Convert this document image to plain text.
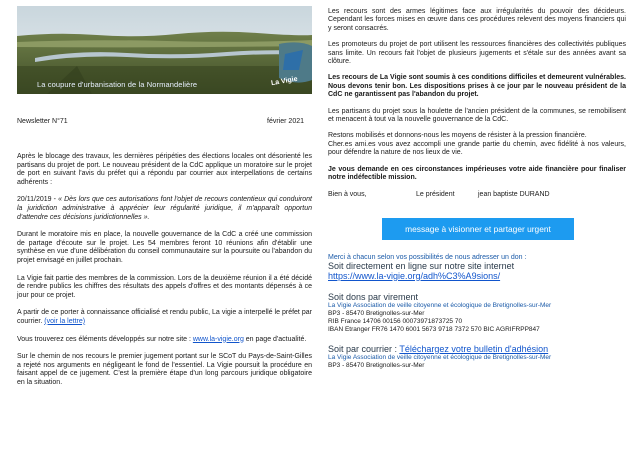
La coupure d'urbanisation de la Normandelière	La Vigie
Newsletter N°71	février 2021

Après le blocage des travaux, les dernières péripéties des élections locales ont désorienté les partisans du projet de port. Le nouveau président de la CdC applique un moratoire sur le projet de port en suivant l'avis du préfet qui a répondu par courrier aux interpellations de certains adhérents :

20/11/2019 - « Dès lors que ces autorisations font l'objet de recours contentieux qui conduiront la juridiction administrative à apprécier leur régularité juridique, il m'apparaît opportun d'attendre ces décisions juridictionnelles ».

Durant le moratoire mis en place, la nouvelle gouvernance de la CdC a créé une commission de partage d'écoute sur le projet. Les 54 membres feront 10 réunions afin d'établir une synthèse en vue d'une délibération du conseil communautaire sur la poursuite ou l'abandon du projet envisagé en juillet prochain.

La Vigie fait partie des membres de la commission. Lors de la deuxième réunion il a été décidé de rendre publics les chiffres des résultats des appels d'offres et des montants dépensés à ce jour pour ce projet.

A partir de ce porter à connaissance officialisé et rendu public, La vigie a interpellé le préfet par courrier. (voir la lettre)

Vous trouverez ces éléments développés sur notre site : www.la-vigie.org en page d'actualité.

Sur le chemin de nos recours le premier jugement portant sur le SCoT du Pays-de-Saint-Gilles a rejeté nos arguments en négligeant le fond de l'essentiel. La Vigie poursuit la procédure en faisant appel de ce jugement. C'est la première étape d'un long parcours juridique obligatoire en la situation.

Les recours sont des armes légitimes face aux irrégularités du pouvoir des décideurs. Cependant les forces mises en œuvre dans ces procédures relevent des moyens financiers qui y seront consacrés.

Les promoteurs du projet de port utilisent les ressources financières des collectivités publiques sans limite. Un recours fait l'objet de plusieurs jugements et s'étale sur des années avant sa clôture.

Les recours de La Vigie sont soumis à ces conditions difficiles et demeurent vulnérables. Nous devons tenir bon. Les dispositions prises à ce jour par le nouveau président de la CdC ne garantissent pas l'abandon du projet.

Les partisans du projet sous la houlette de l'ancien président de la communes, se remobilisent et menacent à tout va la nouvelle gouvernance de la CdC.

Restons mobilisés et donnons-nous les moyens de résister à la pression financière.

Cher.es ami.es vous avez accompli une grande partie du chemin, avec fidélité à nos valeurs, pour défendre la nature de nos lieux de vie.

Je vous demande en ces circonstances impérieuses votre aide financière pour finaliser notre indéfectible mission.

Bien à vous,	Le président	jean baptiste DURAND
message à visionner et partager urgent
Merci à chacun selon vos possibilités de nous adresser un don :
Soit directement en ligne sur notre site internet
https://www.la-vigie.org/adh%C3%A9sions/
Soit dons par virement
La Vigie Association de veille citoyenne et écologique de Bretignolles-sur-Mer
BP3 - 85470 Bretignolles-sur-Mer
RIB France 14706 00156 00073971873725 70
IBAN Etranger FR76 1470 6001 5673 9718 7372 570 BIC AGRIFRPP847
Soit par courrier : Téléchargez votre bulletin d'adhésion
La Vigie Association de veille citoyenne et écologique de Bretignolles-sur-Mer
BP3 - 85470 Bretignolles-sur-Mer
